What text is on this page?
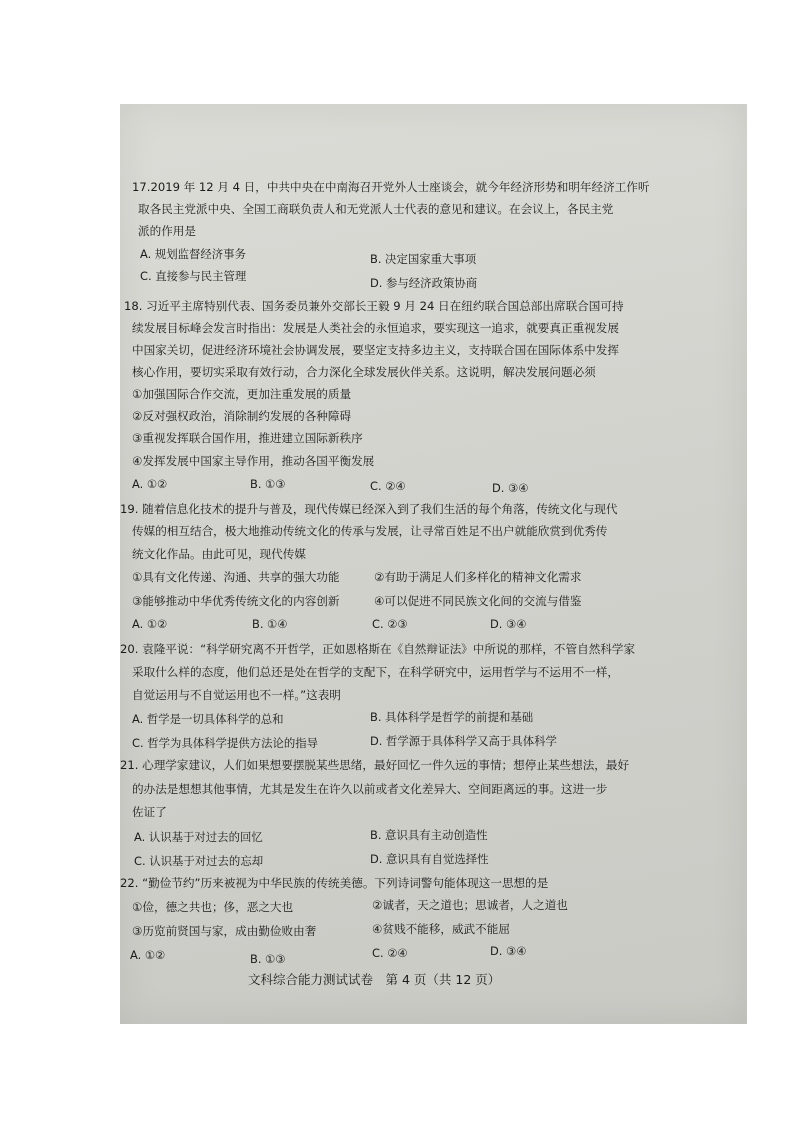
17.2019 年 12 月 4 日，中共中央在中南海召开党外人士座谈会，就今年经济形势和明年经济工作听
取各民主党派中央、全国工商联负责人和无党派人士代表的意见和建议。在会议上，各民主党
派的作用是
A. 规划监督经济事务	B. 决定国家重大事项
C. 直接参与民主管理	D. 参与经济政策协商
18. 习近平主席特别代表、国务委员兼外交部长王毅 9 月 24 日在纽约联合国总部出席联合国可持
续发展目标峰会发言时指出：发展是人类社会的永恒追求，要实现这一追求，就要真正重视发展
中国家关切，促进经济环境社会协调发展，要坚定支持多边主义，支持联合国在国际体系中发挥
核心作用，要切实采取有效行动，合力深化全球发展伙伴关系。这说明，解决发展问题必须
①加强国际合作交流，更加注重发展的质量
②反对强权政治，消除制约发展的各种障碍
③重视发挥联合国作用，推进建立国际新秩序
④发挥发展中国家主导作用，推动各国平衡发展
A. ①②	B. ①③	C. ②④	D. ③④
19. 随着信息化技术的提升与普及，现代传媒已经深入到了我们生活的每个角落，传统文化与现代
传媒的相互结合，极大地推动传统文化的传承与发展，让寻常百姓足不出户就能欣赏到优秀传
统文化作品。由此可见，现代传媒
①具有文化传递、沟通、共享的强大功能	②有助于满足人们多样化的精神文化需求
③能够推动中华优秀传统文化的内容创新	④可以促进不同民族文化间的交流与借鉴
A. ①②	B. ①④	C. ②③	D. ③④
20. 袁隆平说：“科学研究离不开哲学，正如恩格斯在《自然辩证法》中所说的那样，不管自然科学家
采取什么样的态度，他们总还是处在哲学的支配下，在科学研究中，运用哲学与不运用不一样，
自觉运用与不自觉运用也不一样。”这表明
A. 哲学是一切具体科学的总和	B. 具体科学是哲学的前提和基础
C. 哲学为具体科学提供方法论的指导	D. 哲学源于具体科学又高于具体科学
21. 心理学家建议，人们如果想要摆脱某些思绪，最好回忆一件久远的事情；想停止某些想法，最好
的办法是想想其他事情，尤其是发生在许久以前或者文化差异大、空间距离远的事。这进一步
佐证了
A. 认识基于对过去的回忆	B. 意识具有主动创造性
C. 认识基于对过去的忘却	D. 意识具有自觉选择性
22. “勤俭节约”历来被视为中华民族的传统美德。下列诗词警句能体现这一思想的是
①俭，德之共也；侈，恶之大也	②诚者，天之道也；思诚者，人之道也
③历览前贤国与家，成由勤俭败由奢	④贫贱不能移，威武不能屈
A. ①②	B. ①③	C. ②④	D. ③④
文科综合能力测试试卷　第 4 页（共 12 页）
